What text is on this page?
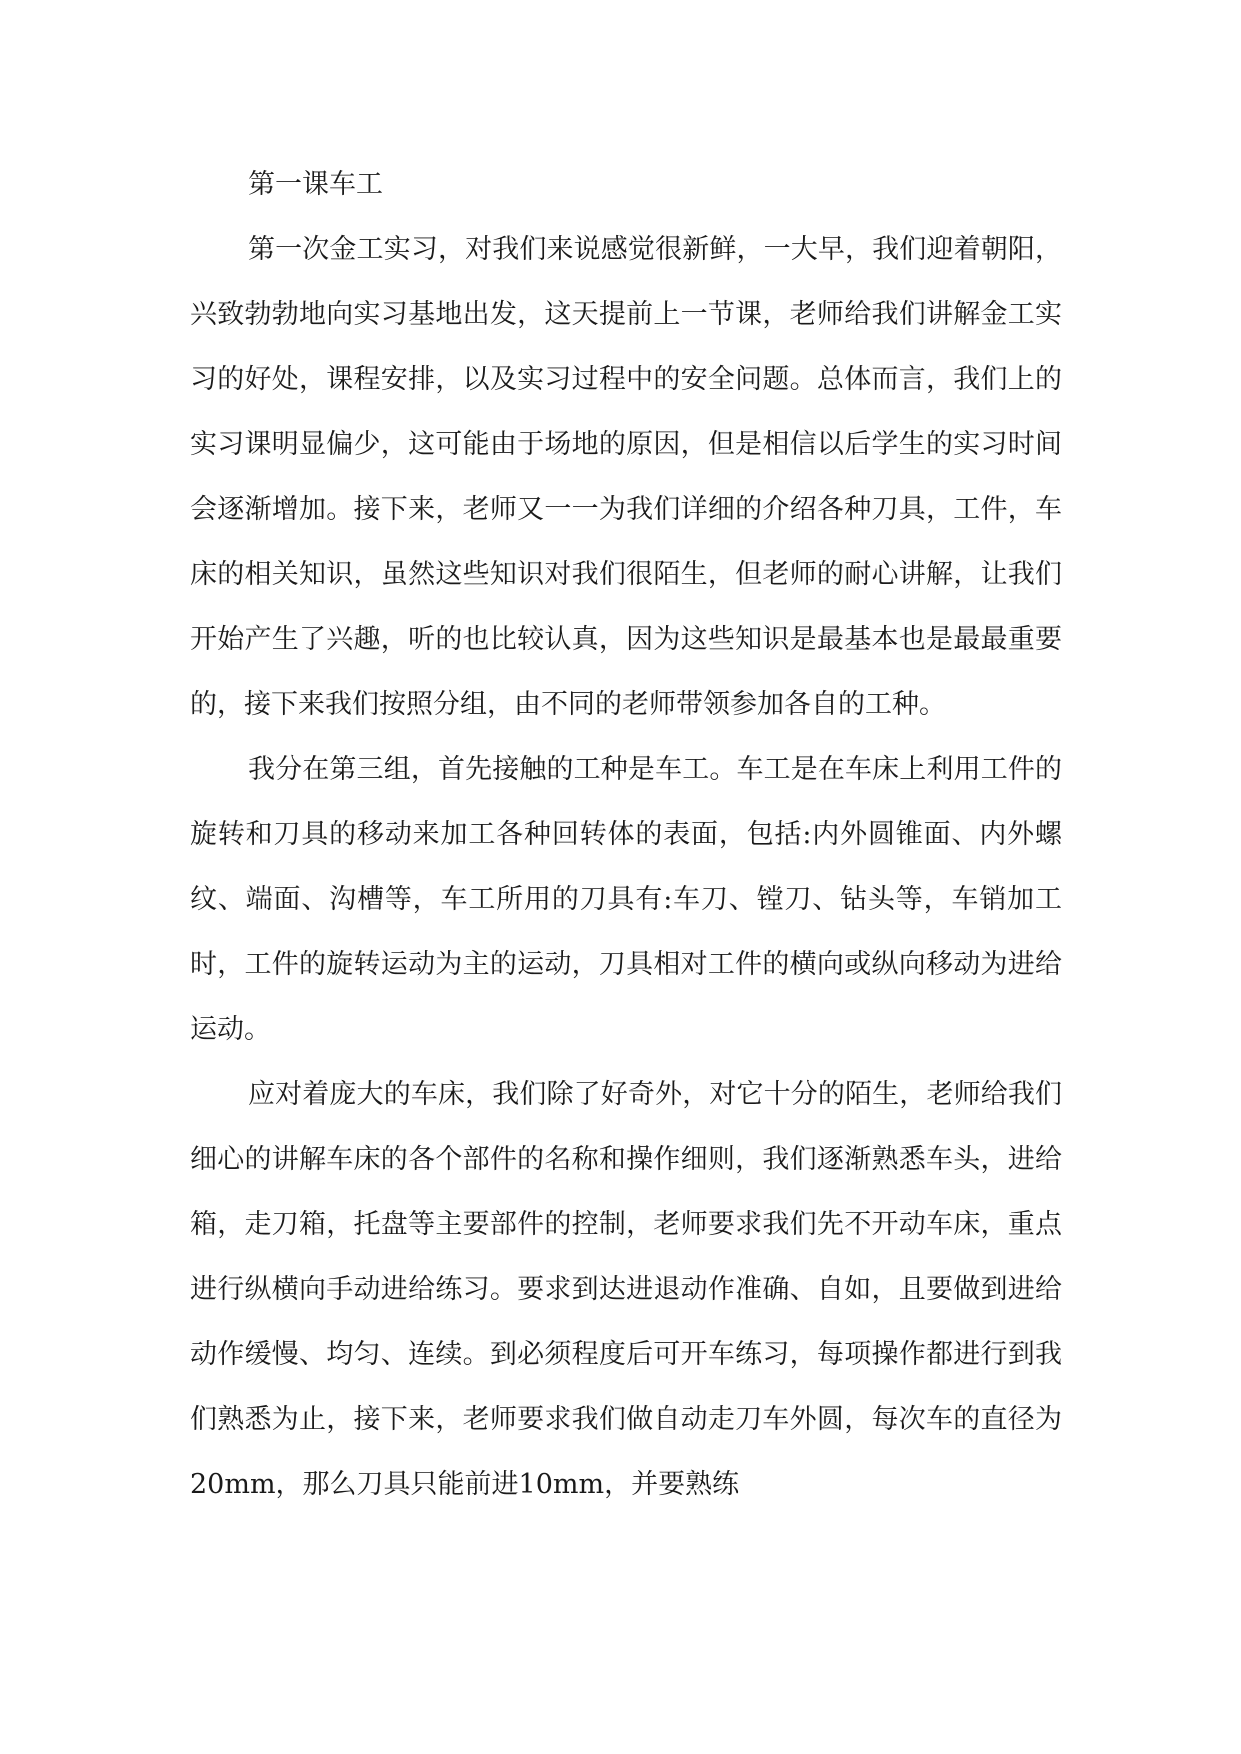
第一课车工

第一次金工实习，对我们来说感觉很新鲜，一大早，我们迎着朝阳，兴致勃勃地向实习基地出发，这天提前上一节课，老师给我们讲解金工实习的好处，课程安排，以及实习过程中的安全问题。总体而言，我们上的实习课明显偏少，这可能由于场地的原因，但是相信以后学生的实习时间会逐渐增加。接下来，老师又一一为我们详细的介绍各种刀具，工件，车床的相关知识，虽然这些知识对我们很陌生，但老师的耐心讲解，让我们开始产生了兴趣，听的也比较认真，因为这些知识是最基本也是最最重要的，接下来我们按照分组，由不同的老师带领参加各自的工种。

我分在第三组，首先接触的工种是车工。车工是在车床上利用工件的旋转和刀具的移动来加工各种回转体的表面，包括:内外圆锥面、内外螺纹、端面、沟槽等，车工所用的刀具有:车刀、镗刀、钻头等，车销加工时，工件的旋转运动为主的运动，刀具相对工件的横向或纵向移动为进给运动。

应对着庞大的车床，我们除了好奇外，对它十分的陌生，老师给我们细心的讲解车床的各个部件的名称和操作细则，我们逐渐熟悉车头，进给箱，走刀箱，托盘等主要部件的控制，老师要求我们先不开动车床，重点进行纵横向手动进给练习。要求到达进退动作准确、自如，且要做到进给动作缓慢、均匀、连续。到必须程度后可开车练习，每项操作都进行到我们熟悉为止，接下来，老师要求我们做自动走刀车外圆，每次车的直径为20mm，那么刀具只能前进10mm，并要熟练
